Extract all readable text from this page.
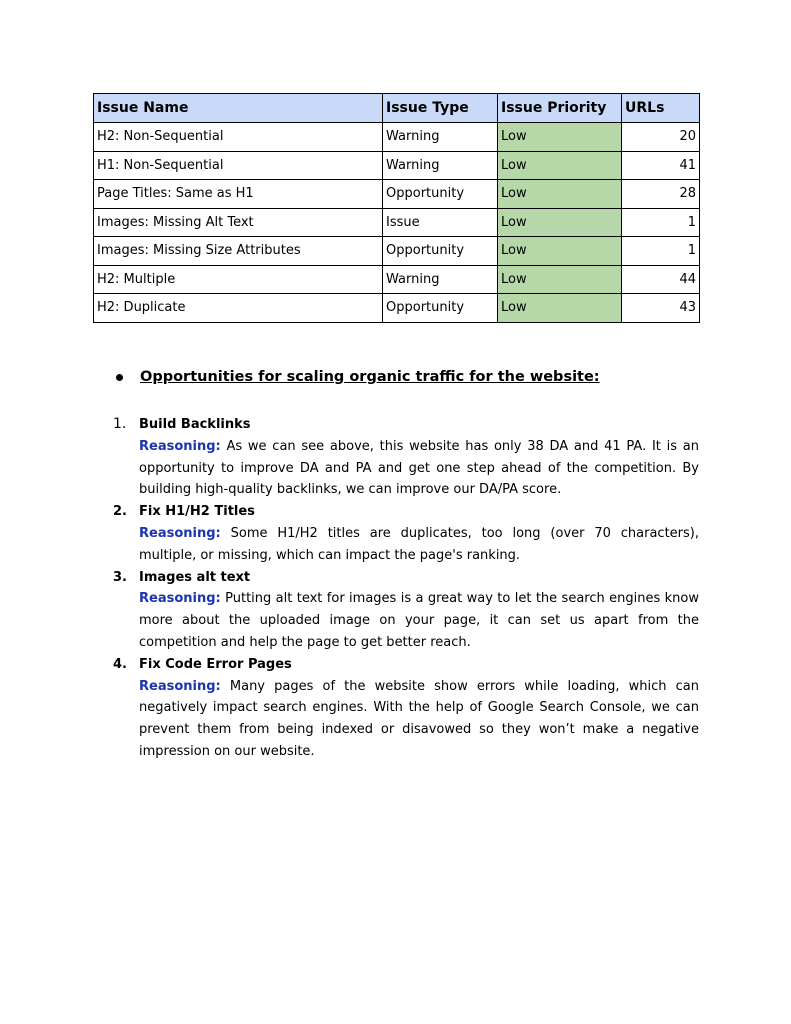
Issue Name	Issue Type	Issue Priority	URLs
H2: Non-Sequential	Warning	Low	20
H1: Non-Sequential	Warning	Low	41
Page Titles: Same as H1	Opportunity	Low	28
Images: Missing Alt Text	Issue	Low	1
Images: Missing Size Attributes	Opportunity	Low	1
H2: Multiple	Warning	Low	44
H2: Duplicate	Opportunity	Low	43
Opportunities for scaling organic traffic for the website:
1. Build Backlinks
Reasoning: As we can see above, this website has only 38 DA and 41 PA. It is an opportunity to improve DA and PA and get one step ahead of the competition. By building high-quality backlinks, we can improve our DA/PA score.
2. Fix H1/H2 Titles
Reasoning: Some H1/H2 titles are duplicates, too long (over 70 characters), multiple, or missing, which can impact the page's ranking.
3. Images alt text
Reasoning: Putting alt text for images is a great way to let the search engines know more about the uploaded image on your page, it can set us apart from the competition and help the page to get better reach.
4. Fix Code Error Pages
Reasoning: Many pages of the website show errors while loading, which can negatively impact search engines. With the help of Google Search Console, we can prevent them from being indexed or disavowed so they won’t make a negative impression on our website.
